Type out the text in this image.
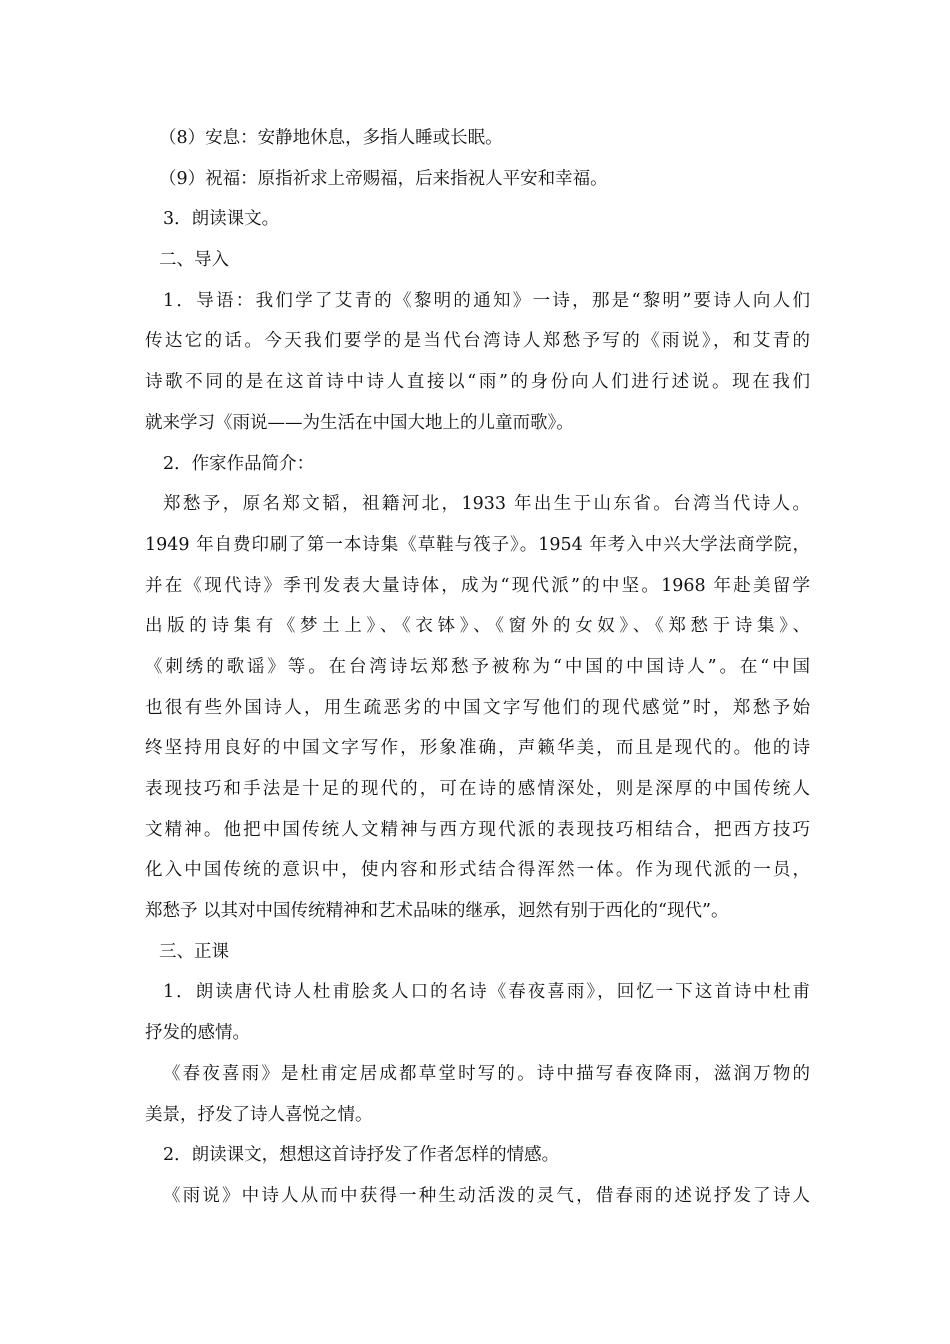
（8）安息：安静地休息，多指人睡或长眠。
（9）祝福：原指祈求上帝赐福，后来指祝人平安和幸福。
3．朗读课文。
二、导入
1．导语：我们学了艾青的《黎明的通知》一诗，那是“黎明”要诗人向人们
传达它的话。今天我们要学的是当代台湾诗人郑愁予写的《雨说》，和艾青的
诗歌不同的是在这首诗中诗人直接以“雨”的身份向人们进行述说。现在我们
就来学习《雨说——为生活在中国大地上的儿童而歌》。
2．作家作品简介：
郑愁予，原名郑文韬，祖籍河北，1933 年出生于山东省。台湾当代诗人。
1949 年自费印刷了第一本诗集《草鞋与筏子》。1954 年考入中兴大学法商学院，
并在《现代诗》季刊发表大量诗体，成为“现代派”的中坚。1968 年赴美留学
出版的诗集有《梦土上》、《衣钵》、《窗外的女奴》、《郑愁于诗集》、
《刺绣的歌谣》等。在台湾诗坛郑愁予被称为“中国的中国诗人”。在“中国
也很有些外国诗人，用生疏恶劣的中国文字写他们的现代感觉”时，郑愁予始
终坚持用良好的中国文字写作，形象准确，声籁华美，而且是现代的。他的诗
表现技巧和手法是十足的现代的，可在诗的感情深处，则是深厚的中国传统人
文精神。他把中国传统人文精神与西方现代派的表现技巧相结合，把西方技巧
化入中国传统的意识中，使内容和形式结合得浑然一体。作为现代派的一员，
郑愁予 以其对中国传统精神和艺术品味的继承，迥然有别于西化的“现代”。
三、正课
1．朗读唐代诗人杜甫脍炙人口的名诗《春夜喜雨》，回忆一下这首诗中杜甫
抒发的感情。
《春夜喜雨》是杜甫定居成都草堂时写的。诗中描写春夜降雨，滋润万物的
美景，抒发了诗人喜悦之情。
2．朗读课文，想想这首诗抒发了作者怎样的情感。
《雨说》中诗人从而中获得一种生动活泼的灵气，借春雨的述说抒发了诗人
